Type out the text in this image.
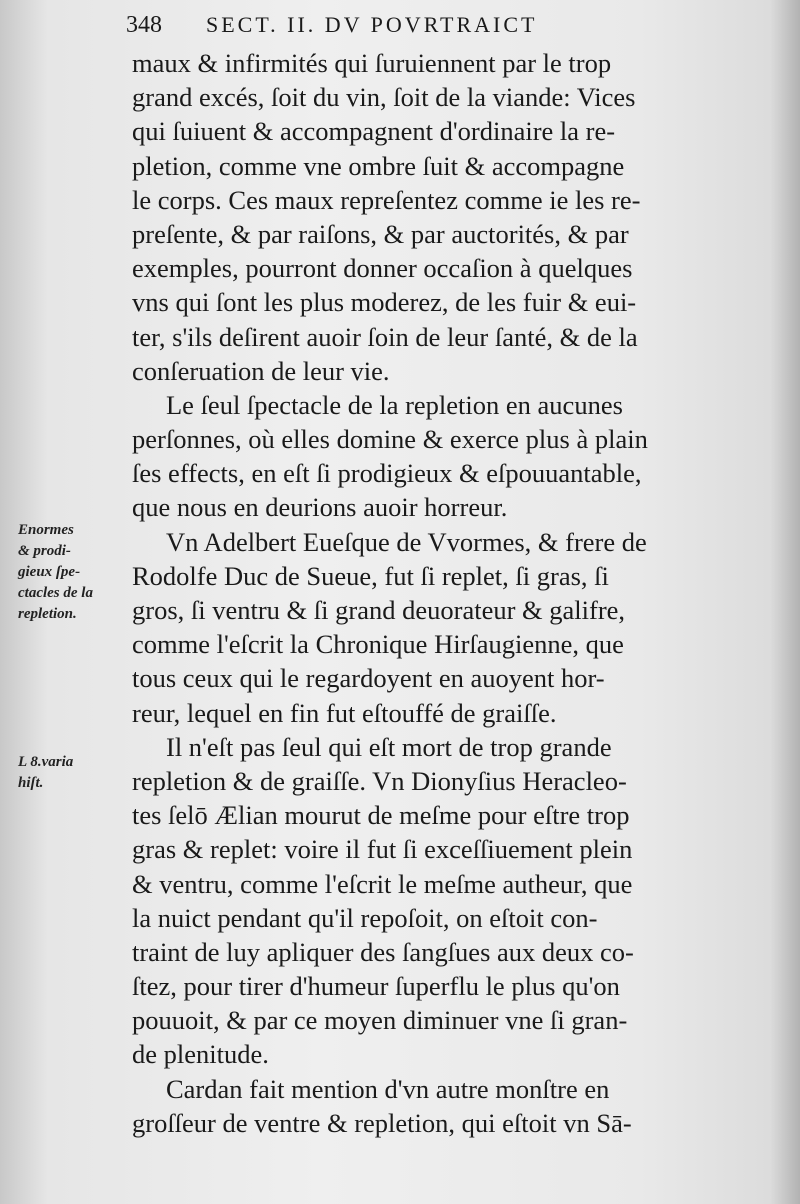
348 SECT. II. DV POVRTRAICT
maux & infirmités qui ſuruiennent par le trop
grand excés, ſoit du vin, ſoit de la viande: Vices
qui ſuiuent & accompagnent d'ordinaire la re-
pletion, comme vne ombre ſuit & accompagne
le corps. Ces maux repreſentez comme ie les re-
preſente, & par raiſons, & par auctorités, & par
exemples, pourront donner occaſion à quelques
vns qui ſont les plus moderez, de les fuir & eui-
ter, s'ils deſirent auoir ſoin de leur ſanté, & de la
conſeruation de leur vie.
Le ſeul ſpectacle de la repletion en aucunes
perſonnes, où elles domine & exerce plus à plain
ſes effects, en eſt ſi prodigieux & eſpouuantable,
que nous en deurions auoir horreur.
Vn Adelbert Eueſque de Vvormes, & frere de
Rodolfe Duc de Sueue, fut ſi replet, ſi gras, ſi
gros, ſi ventru & ſi grand deuorateur & galifre,
comme l'eſcrit la Chronique Hirſaugienne, que
tous ceux qui le regardoyent en auoyent hor-
reur, lequel en fin fut eſtouffé de graiſſe.
Il n'eſt pas ſeul qui eſt mort de trop grande
repletion & de graiſſe. Vn Dionyſius Heracleo-
tes ſelō Ælian mourut de meſme pour eſtre trop
gras & replet: voire il fut ſi exceſſiuement plein
& ventru, comme l'eſcrit le meſme autheur, que
la nuict pendant qu'il repoſoit, on eſtoit con-
traint de luy apliquer des ſangſues aux deux co-
ſtez, pour tirer d'humeur ſuperflu le plus qu'on
pouuoit, & par ce moyen diminuer vne ſi gran-
de plenitude.
Cardan fait mention d'vn autre monſtre en
groſſeur de ventre & repletion, qui eſtoit vn Sā-
Enormes
& prodi-
gieux ſpe-
ctacles de la
repletion.
L 8.varia
hiſt.
